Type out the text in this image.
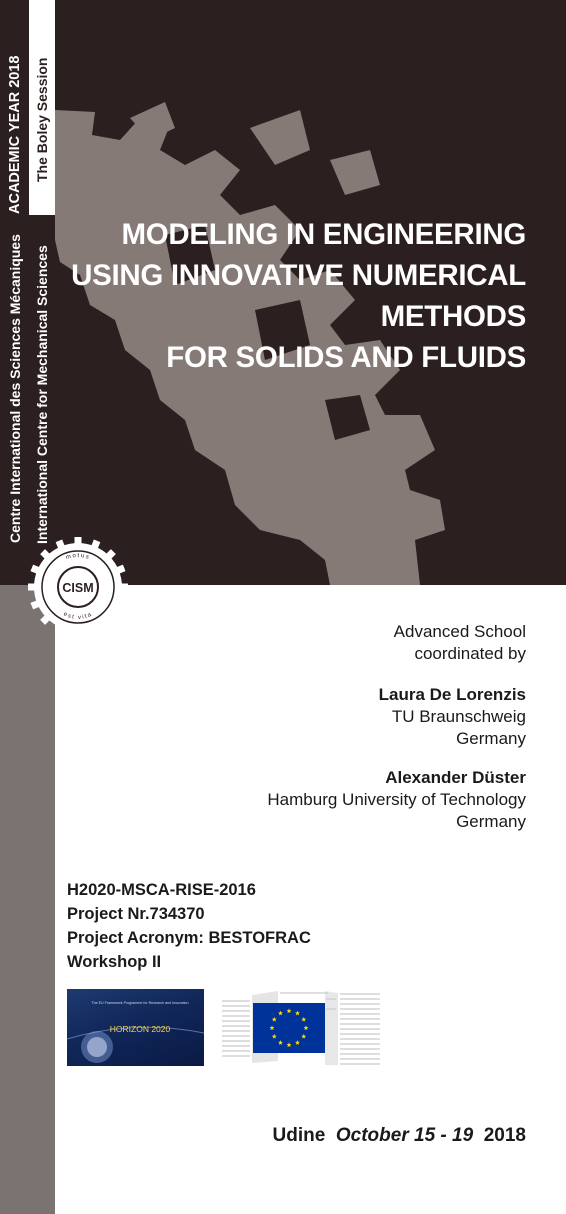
ACADEMIC YEAR 2018 The Boley Session
Centre International des Sciences Mécaniques International Centre for Mechanical Sciences
MODELING IN ENGINEERING
USING INNOVATIVE NUMERICAL
METHODS
FOR SOLIDS AND FLUIDS
CISM
motus
est vita
Advanced School
coordinated by
Laura De Lorenzis
TU Braunschweig
Germany
Alexander Düster
Hamburg University of Technology
Germany
H2020-MSCA-RISE-2016
Project Nr.734370
Project Acronym: BESTOFRAC
Workshop II
The EU Framework Programme for Research and Innovation
HORIZON 2020
Udine October 15 - 19 2018
